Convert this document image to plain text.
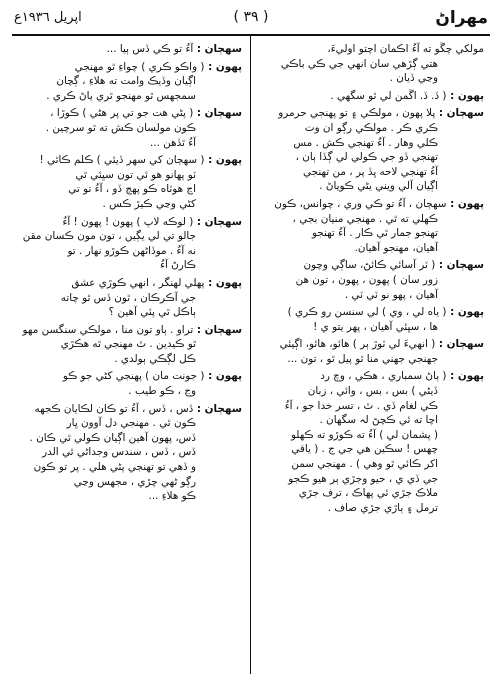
مهراڻ
( ٣٩ )
اپريل ١٩٣٦ع
مولکي چڱو ته آءُ اڪمان اچتو اوليءَ،
هتي ڳڙهي سان انهي جي ڪي باڪي
وڃي ڏيان .
پهون : ( ڏ. ڏ. اڱمن لي ٿو سگهي .
سهڄان : پلا پهون ، مولڪي ۽ تو پهنجي حرمرو
ڪري ڪر . مولڪي رڳو ان وت
ڪلي وهار . آءُ تهنجي ڪش . مس
تهنجي ڏو جي ڪولي لي ڳڏا ٻان ،
آءُ تهنجي لاحه ڀڏ پر ، من تهنجي
اڳيان آلي ويني يڻي ڪوياڻ .
پهون : سهڄان ، آءُ تو ڪي وري ، چوانس، ڪون
ڪهلي ته ٿي . مهنجي منيان بجي ،
تهنجو جمار ٿي ڪار . آءُ تهنجو
آهيان، مهنجو آهيان.
سهڄان : ( ٽر آسائي ڪائڻ، ساڳي وچون
زور سان ) پهون ، پهون ، تون هن
آهيان ، پهو نو ٽي ٽي .
پهون : ( ياه لي ، وي ) لي سنسن رو ڪري )
ها ، سڀئي آهيان ، پهر يتو ي !
سهڄان : ( انهيءَ لي ٽوڙ ٻر ) هائو، هائو، اڳيئي
جهنجي جهني منا ٿو پيل ٿو ، تون ...
پهون : ( ٻاڻ سمباري ، هڪي ، وچ رد
ڏيڻي ) بس ، بس ، وائي ، زبان
ڪي لغام ڏي . ٿ ، تسر خدا جو ، آءُ
اچا ته ئي ڪچڻ لہ سگهان .
( پشمان لي ) آءُ ته ڪوڙو ته ڪهلو
چهس ! سڪين هي جي ج . ( ياقي
اکر ڪائي ٿو وهي ) . مهنجي سمن
جي ڏي ي ، حيو وجڙي ٻر هيو ڪجو
ملاڪ جڙي ئي پهاڪ ، ترف جڙي
ترمل ۽ ٻاڙي جڙي صاف .
سهڄان : آءُ تو ڪي ڏس ٻيا ...
پهون : ( واڪو ڪري ) چواءِ ٿو مهنجي
اڳيان وڏيڪ وامت ته هلاءِ ، ڳچان
سمجهس ٿو مهنجو ٿري ياڻ ڪري .
سهڄان : ( پڻي هت جو تي پر هڻي ) ڪوڙا ،
ڪون مولسان ڪش ته ٿو سرچين .
آءُ ٿڏهن ...
پهون : ( سهڄان کي سهر ڏيئي ) ڪلم ڪاٿي !
ٽو پهانو هو ئي تون سڀئي ٿي
اڃ هوٽاه ڪو پهڄ ڏو ، آءُ تو تي
کڻي وڃي ڪيڙ ڪس .
سهڄان : ( لوڪه لاپ ) پهون ! پهون ! آءُ
جالو تي لي يڳيں ، تون مون ڪسان مقن
نه آءُ . موڏاڻهن ڪوڙو نهار . تو
ڪارڻ آءُ
پهون : پهلي لهنگر ، انهي ڪوڙي عشق
جي آڪرڪان ، ٿون ڏس ٿو چاته
ٻاڪل ٿي پئي آهين ؟
سهڄان : تراو . ٻاو تون منا ، مولڪي سنگسن مهو
ٿو ڪيدين . ٿ مهنجي ٿه هڪڙي
ڪل لڳڪي ٻولدي .
پهون : ( جونت مان ) پهنجي کڻي جو ڪو
وڃ ، ڪو طيب .
سهڄان : ڏس ، ڏس ، آءُ تو ڪان لڪايان ڪجهه
ڪون ٿي . مهنجي دل آوون ڀار
ڏس، پهون آهين اڳيان ڪولي ٿي ڪان .
ڏس ، ڏس ، سندس وجداڻي ٿي الدر
و ڏهي تو تهنجي پڻي هلي . پر تو ڪون
رڳو ڻهي چڙي ، مجهس وڃي
ڪو هلاءِ ...
